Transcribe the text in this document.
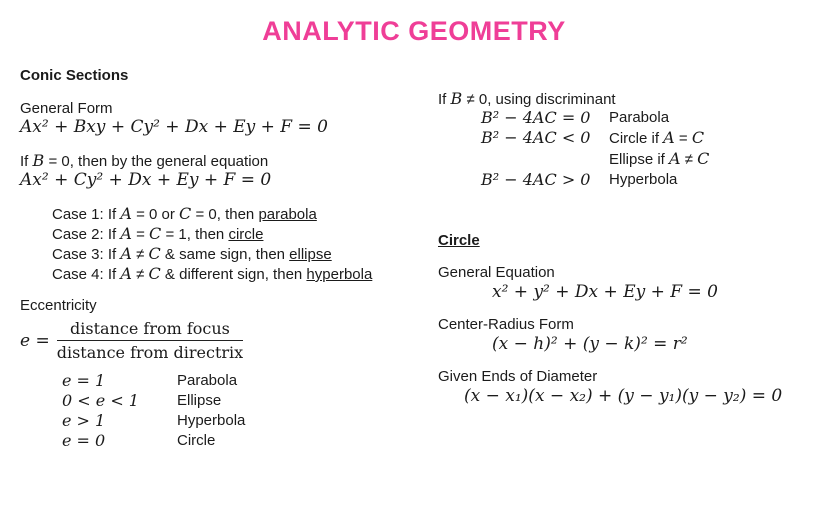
ANALYTIC GEOMETRY
Conic Sections
General Form
Ax² + Bxy + Cy² + Dx + Ey + F = 0
If B = 0, then by the general equation
Ax² + Cy² + Dx + Ey + F = 0
Case 1: If A = 0 or C = 0, then parabola
Case 2: If A = C = 1, then circle
Case 3: If A ≠ C & same sign, then ellipse
Case 4: If A ≠ C & different sign, then hyperbola
Eccentricity
$e = \frac{\text{distance from focus}}{\text{distance from directrix}}$
e = 1	Parabola
0 < e < 1	Ellipse
e > 1	Hyperbola
e = 0	Circle
If B ≠ 0, using discriminant
B² − 4AC = 0	Parabola
B² − 4AC < 0	Circle if A = C
Ellipse if A ≠ C
B² − 4AC > 0	Hyperbola
Circle
General Equation
x² + y² + Dx + Ey + F = 0
Center-Radius Form
(x − h)² + (y − k)² = r²
Given Ends of Diameter
(x − x₁)(x − x₂) + (y − y₁)(y − y₂) = 0
